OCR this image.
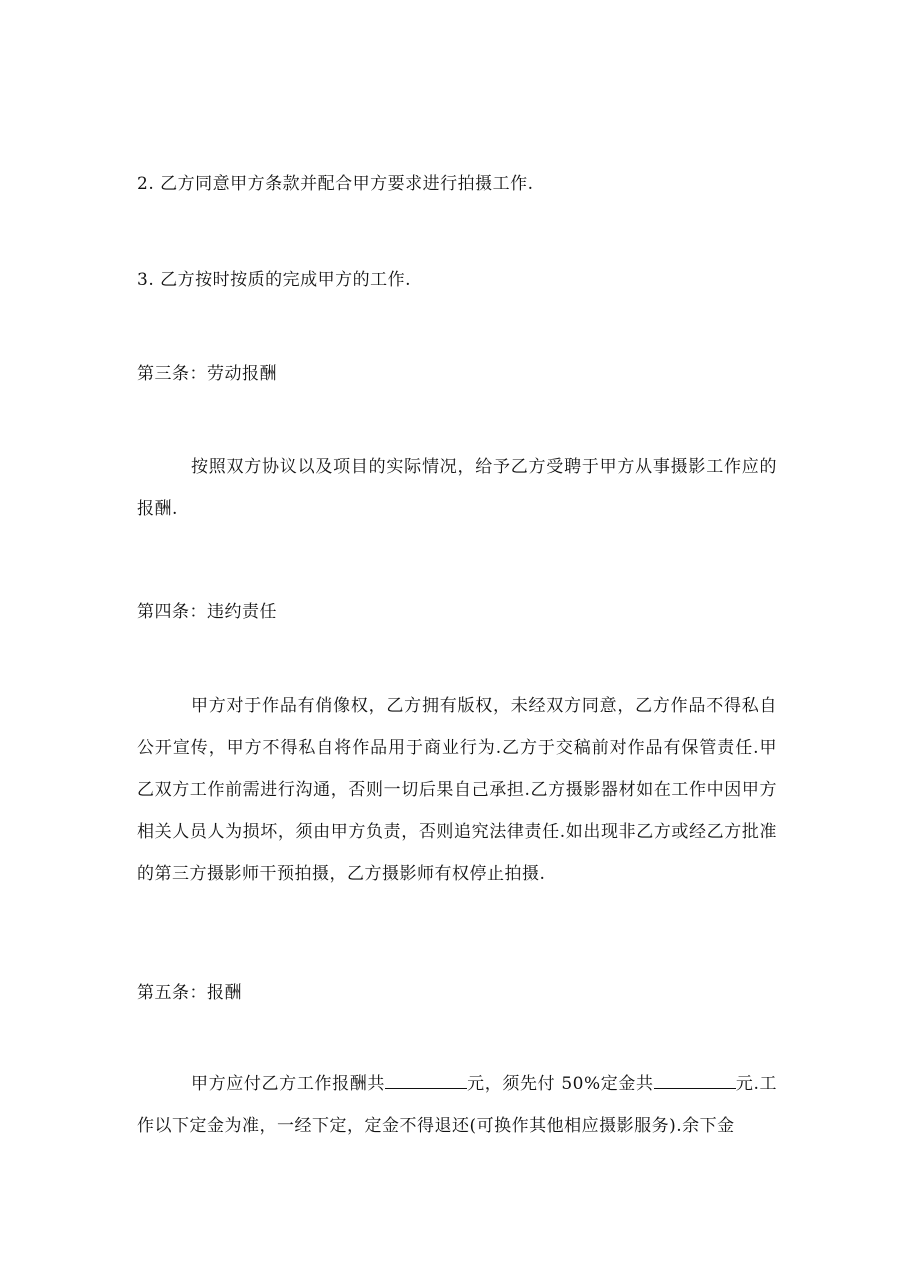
2. 乙方同意甲方条款并配合甲方要求进行拍摄工作.
3. 乙方按时按质的完成甲方的工作.
第三条：劳动报酬
按照双方协议以及项目的实际情况，给予乙方受聘于甲方从事摄影工作应的报酬.
第四条：违约责任
甲方对于作品有俏像权，乙方拥有版权，未经双方同意，乙方作品不得私自公开宣传，甲方不得私自将作品用于商业行为.乙方于交稿前对作品有保管责任.甲乙双方工作前需进行沟通，否则一切后果自己承担.乙方摄影器材如在工作中因甲方相关人员人为损坏，须由甲方负责，否则追究法律责任.如出现非乙方或经乙方批准的第三方摄影师干预拍摄，乙方摄影师有权停止拍摄.
第五条：报酬
甲方应付乙方工作报酬共	元，须先付 50%定金共	元.工作以下定金为准，一经下定，定金不得退还(可换作其他相应摄影服务).余下金
